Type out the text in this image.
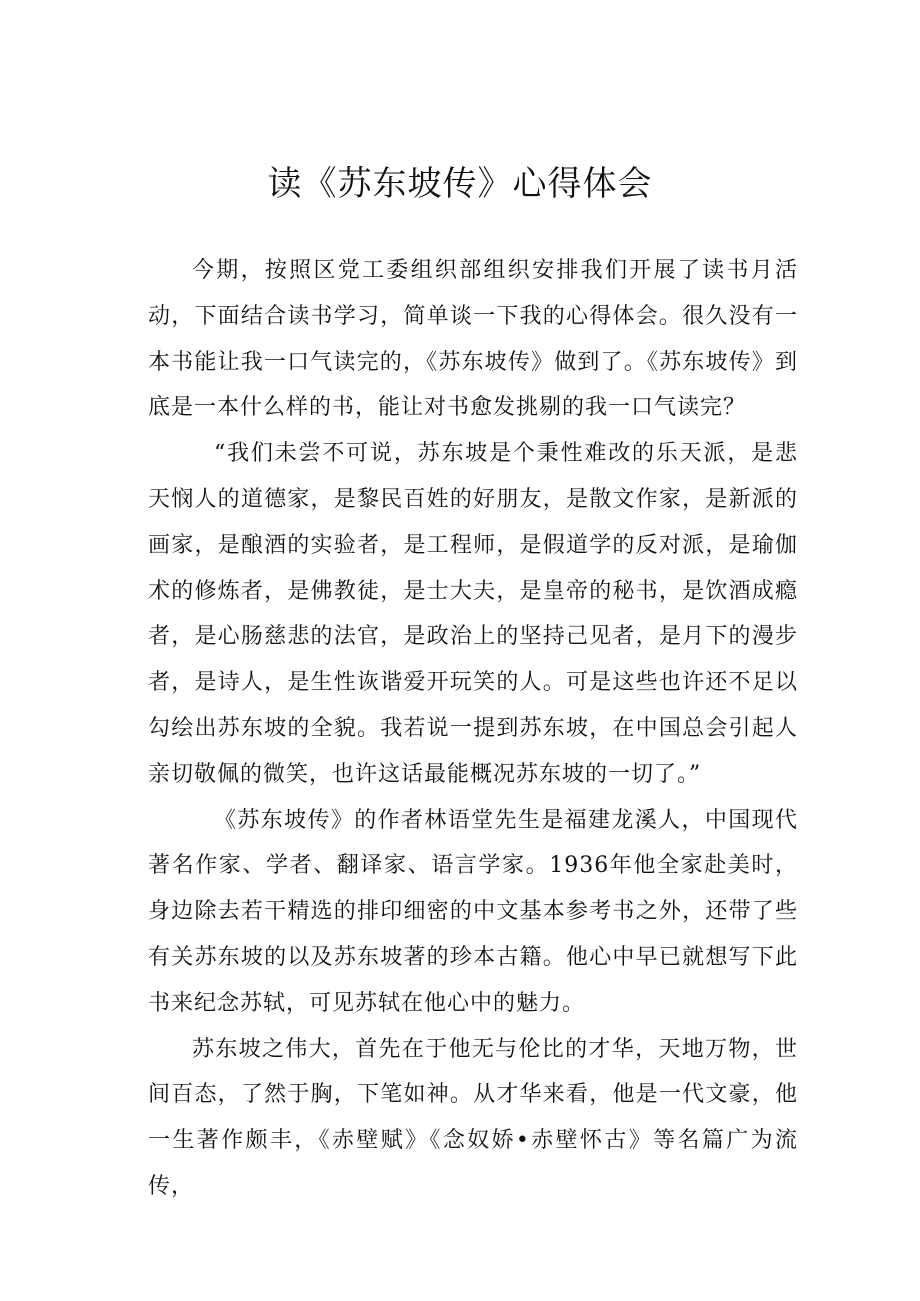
读《苏东坡传》心得体会

今期，按照区党工委组织部组织安排我们开展了读书月活动，下面结合读书学习，简单谈一下我的心得体会。很久没有一本书能让我一口气读完的，《苏东坡传》做到了。《苏东坡传》到底是一本什么样的书，能让对书愈发挑剔的我一口气读完？

“我们未尝不可说，苏东坡是个秉性难改的乐天派，是悲天悯人的道德家，是黎民百姓的好朋友，是散文作家，是新派的画家，是酿酒的实验者，是工程师，是假道学的反对派，是瑜伽术的修炼者，是佛教徒，是士大夫，是皇帝的秘书，是饮酒成瘾者，是心肠慈悲的法官，是政治上的坚持己见者，是月下的漫步者，是诗人，是生性诙谐爱开玩笑的人。可是这些也许还不足以勾绘出苏东坡的全貌。我若说一提到苏东坡，在中国总会引起人亲切敬佩的微笑，也许这话最能概况苏东坡的一切了。”

《苏东坡传》的作者林语堂先生是福建龙溪人，中国现代著名作家、学者、翻译家、语言学家。1936年他全家赴美时，身边除去若干精选的排印细密的中文基本参考书之外，还带了些有关苏东坡的以及苏东坡著的珍本古籍。他心中早已就想写下此书来纪念苏轼，可见苏轼在他心中的魅力。

苏东坡之伟大，首先在于他无与伦比的才华，天地万物，世间百态，了然于胸，下笔如神。从才华来看，他是一代文豪，他一生著作颇丰，《赤壁赋》《念奴娇•赤壁怀古》等名篇广为流传，
